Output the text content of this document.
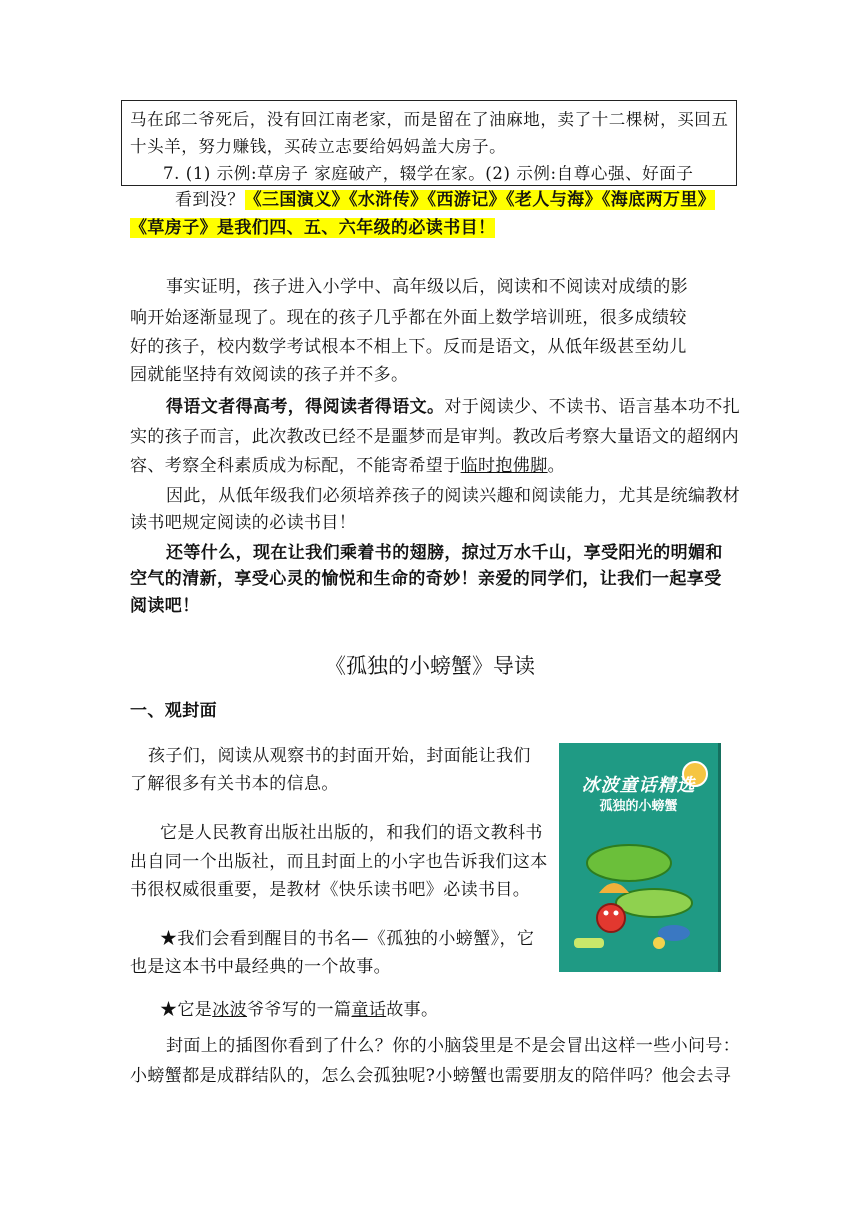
马在邱二爷死后，没有回江南老家，而是留在了油麻地，卖了十二棵树，买回五
十头羊，努力赚钱，买砖立志要给妈妈盖大房子。
7. (1) 示例:草房子 家庭破产，辍学在家。(2) 示例:自尊心强、好面子
看到没？《三国演义》《水浒传》《西游记》《老人与海》《海底两万里》
《草房子》是我们四、五、六年级的必读书目！
事实证明，孩子进入小学中、高年级以后，阅读和不阅读对成绩的影
响开始逐渐显现了。现在的孩子几乎都在外面上数学培训班，很多成绩较
好的孩子，校内数学考试根本不相上下。反而是语文，从低年级甚至幼儿
园就能坚持有效阅读的孩子并不多。
得语文者得高考，得阅读者得语文。对于阅读少、不读书、语言基本功不扎
实的孩子而言，此次教改已经不是噩梦而是审判。教改后考察大量语文的超纲内
容、考察全科素质成为标配，不能寄希望于临时抱佛脚。
因此，从低年级我们必须培养孩子的阅读兴趣和阅读能力，尤其是统编教材
读书吧规定阅读的必读书目！
还等什么，现在让我们乘着书的翅膀，掠过万水千山，享受阳光的明媚和
空气的清新，享受心灵的愉悦和生命的奇妙！亲爱的同学们，让我们一起享受
阅读吧！
《孤独的小螃蟹》导读
一、观封面
孩子们，阅读从观察书的封面开始，封面能让我们
了解很多有关书本的信息。
它是人民教育出版社出版的，和我们的语文教科书
出自同一个出版社，而且封面上的小字也告诉我们这本
书很权威很重要，是教材《快乐读书吧》必读书目。
★我们会看到醒目的书名—《孤独的小螃蟹》，它
也是这本书中最经典的一个故事。
★它是冰波爷爷写的一篇童话故事。
封面上的插图你看到了什么？你的小脑袋里是不是会冒出这样一些小问号：
小螃蟹都是成群结队的，怎么会孤独呢?小螃蟹也需要朋友的陪伴吗？他会去寻
冰波童话精选
孤独的小螃蟹
